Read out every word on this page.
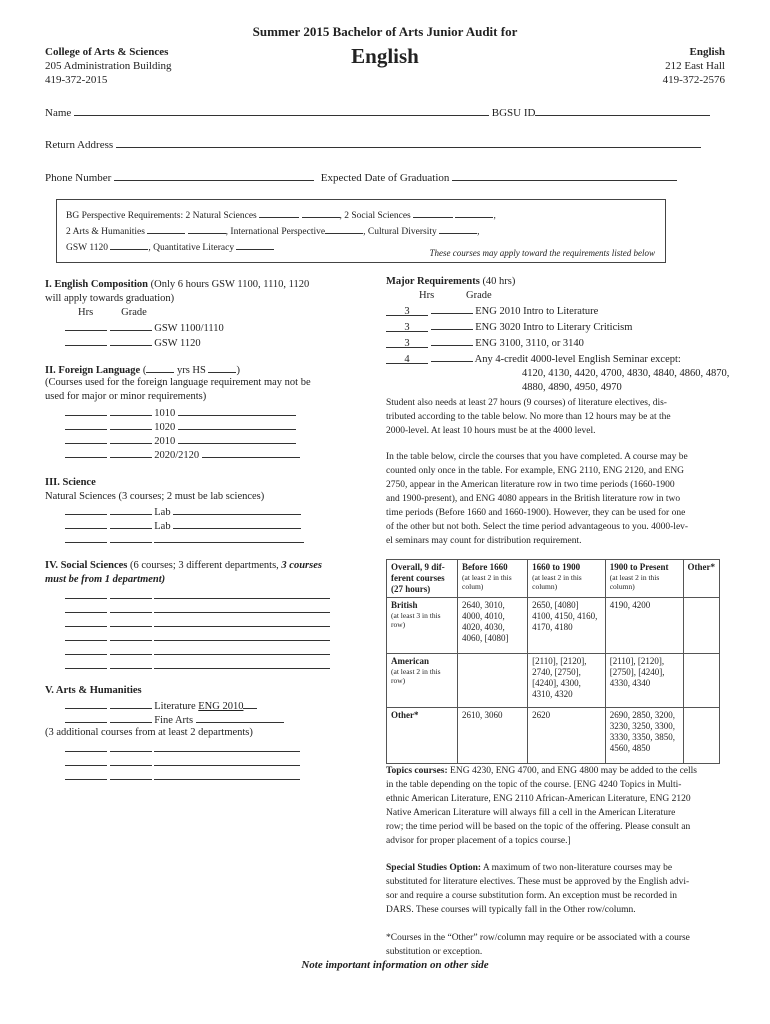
Summer 2015 Bachelor of Arts Junior Audit for
English
College of Arts & Sciences
205 Administration Building
419-372-2015
English
212 East Hall
419-372-2576
Name	BGSU ID
Return Address
Phone Number	Expected Date of Graduation
BG Perspective Requirements: 2 Natural Sciences	, 2 Social Sciences	,
2 Arts & Humanities	, International Perspective	, Cultural Diversity	,
GSW 1120	, Quantitative Literacy	These courses may apply toward the requirements listed below
I. English Composition (Only 6 hours GSW 1100, 1110, 1120
will apply towards graduation)
Hrs	Grade
GSW 1100/1110
GSW 1120
II. Foreign Language (	yrs HS	)
(Courses used for the foreign language requirement may not be
used for major or minor requirements)
1010
1020
2010
2020/2120
III. Science
Natural Sciences (3 courses; 2 must be lab sciences)
Lab
Lab

IV. Social Sciences (6 courses; 3 different departments, 3 courses
must be from 1 department)

V. Arts & Humanities
Literature ENG 2010
Fine Arts
(3 additional courses from at least 2 departments)

Major Requirements (40 hrs)
Hrs	Grade
3	ENG 2010 Intro to Literature
3	ENG 3020 Intro to Literary Criticism
3	ENG 3100, 3110, or 3140
4	Any 4-credit 4000-level English Seminar except:
4120, 4130, 4420, 4700, 4830, 4840, 4860, 4870,
4880, 4890, 4950, 4970
Student also needs at least 27 hours (9 courses) of literature electives, dis-
tributed according to the table below. No more than 12 hours may be at the
2000-level. At least 10 hours must be at the 4000 level.
In the table below, circle the courses that you have completed. A course may be
counted only once in the table. For example, ENG 2110, ENG 2120, and ENG
2750, appear in the American literature row in two time periods (1660-1900
and 1900-present), and ENG 4080 appears in the British literature row in two
time periods (Before 1660 and 1660-1900). However, they can be used for one
of the other but not both. Select the time period advantageous to you. 4000-lev-
el seminars may count for distribution requirement.
Overall, 9 dif- ferent courses (27 hours)	Before 1660
(at least 2 in this colum)	1660 to 1900
(at least 2 in this column)	1900 to Present
(at least 2 in this column)	Other*
British
(at least 3 in this row)	2640, 3010, 4000, 4010, 4020, 4030, 4060, [4080]	2650, [4080] 4100, 4150, 4160, 4170, 4180	4190, 4200	
American
(at least 2 in this row)		[2110], [2120], 2740, [2750], [4240], 4300, 4310, 4320	[2110], [2120], [2750], [4240], 4330, 4340	
Other*	2610, 3060	2620	2690, 2850, 3200, 3230, 3250, 3300, 3330, 3350, 3850, 4560, 4850	
Topics courses: ENG 4230, ENG 4700, and ENG 4800 may be added to the cells
in the table depending on the topic of the course. [ENG 4240 Topics in Multi-
ethnic American Literature, ENG 2110 African-American Literature, ENG 2120
Native American Literature will always fill a cell in the American Literature
row; the time period will be based on the topic of the offering. Please consult an
advisor for proper placement of a topics course.]
Special Studies Option: A maximum of two non-literature courses may be
substituted for literature electives. These must be approved by the English advi-
sor and require a course substitution form. An exception must be recorded in
DARS. These courses will typically fall in the Other row/column.
*Courses in the “Other” row/column may require or be associated with a course
substitution or exception.
Note important information on other side
